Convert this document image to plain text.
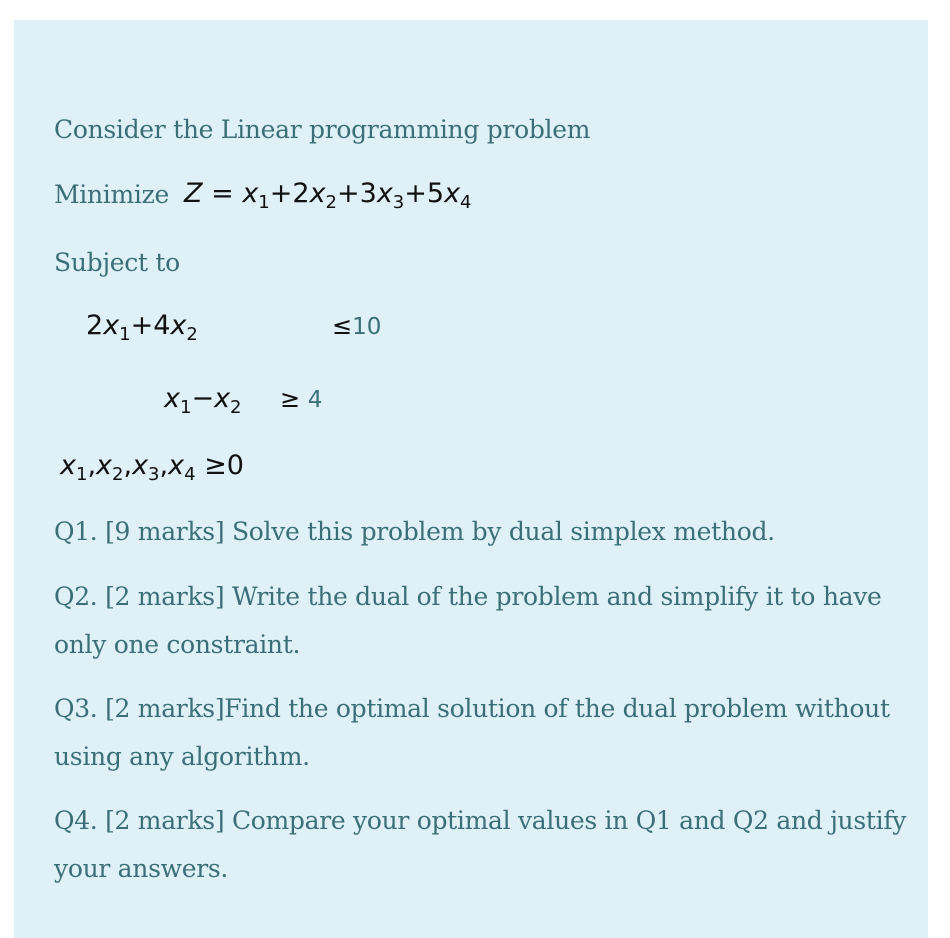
Consider the Linear programming problem
Minimize $Z = x_1+2x_2+3x_3+5x_4$
Subject to
$2x_1+4x_2$	≤10
$x_1-x_2 \ge 4$
$x_1,x_2,x_3,x_4 \ge 0$
Q1. [9 marks] Solve this problem by dual simplex method.
Q2. [2 marks] Write the dual of the problem and simplify it to have
only one constraint.
Q3. [2 marks]Find the optimal solution of the dual problem without
using any algorithm.
Q4. [2 marks] Compare your optimal values in Q1 and Q2 and justify
your answers.
